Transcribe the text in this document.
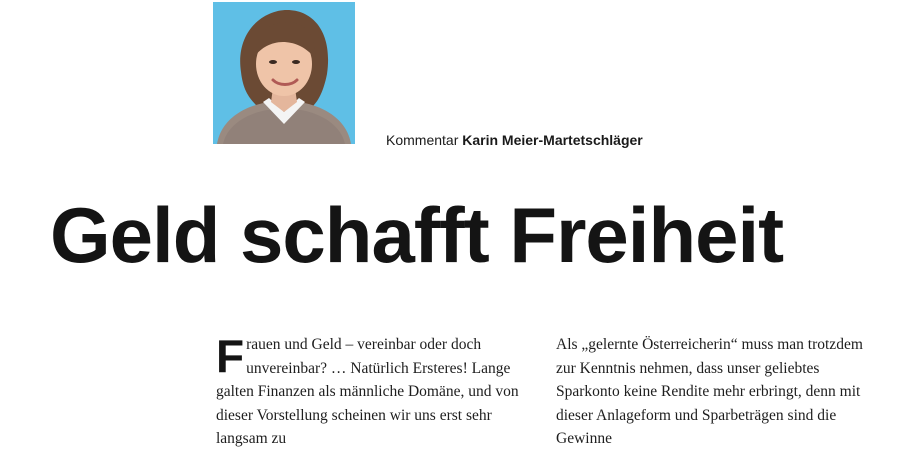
Kommentar Karin Meier-Martetschläger
Geld schafft Freiheit

Frauen und Geld – vereinbar oder doch unvereinbar? … Natürlich Ersteres! Lange galten Finanzen als männliche Domäne, und von dieser Vorstellung scheinen wir uns erst sehr langsam zu

Als „gelernte Österreicherin“ muss man trotzdem zur Kenntnis nehmen, dass unser geliebtes Sparkonto keine Rendite mehr erbringt, denn mit dieser Anlageform und Sparbeträgen sind die Gewinne
